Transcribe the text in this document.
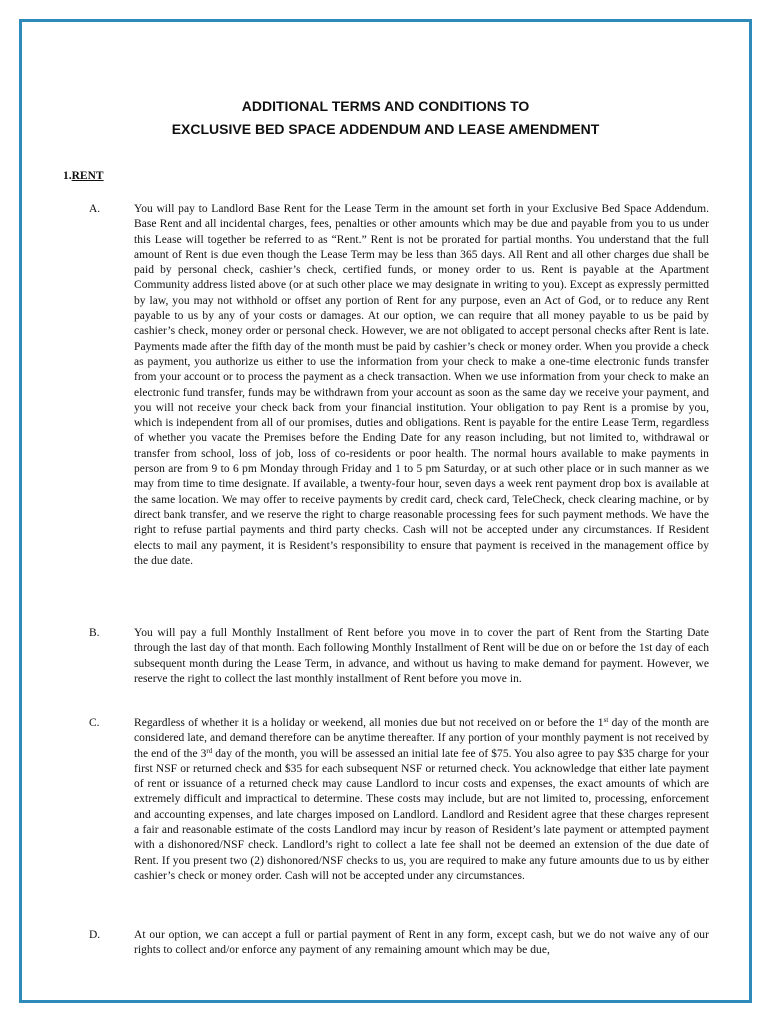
ADDITIONAL TERMS AND CONDITIONS TO
EXCLUSIVE BED SPACE ADDENDUM AND LEASE AMENDMENT
1.RENT
A.	You will pay to Landlord Base Rent for the Lease Term in the amount set forth in your Exclusive Bed Space Addendum. Base Rent and all incidental charges, fees, penalties or other amounts which may be due and payable from you to us under this Lease will together be referred to as “Rent.” Rent is not be prorated for partial months. You understand that the full amount of Rent is due even though the Lease Term may be less than 365 days. All Rent and all other charges due shall be paid by personal check, cashier’s check, certified funds, or money order to us. Rent is payable at the Apartment Community address listed above (or at such other place we may designate in writing to you). Except as expressly permitted by law, you may not withhold or offset any portion of Rent for any purpose, even an Act of God, or to reduce any Rent payable to us by any of your costs or damages. At our option, we can require that all money payable to us be paid by cashier’s check, money order or personal check. However, we are not obligated to accept personal checks after Rent is late. Payments made after the fifth day of the month must be paid by cashier’s check or money order. When you provide a check as payment, you authorize us either to use the information from your check to make a one-time electronic funds transfer from your account or to process the payment as a check transaction. When we use information from your check to make an electronic fund transfer, funds may be withdrawn from your account as soon as the same day we receive your payment, and you will not receive your check back from your financial institution. Your obligation to pay Rent is a promise by you, which is independent from all of our promises, duties and obligations. Rent is payable for the entire Lease Term, regardless of whether you vacate the Premises before the Ending Date for any reason including, but not limited to, withdrawal or transfer from school, loss of job, loss of co-residents or poor health. The normal hours available to make payments in person are from 9 to 6 pm Monday through Friday and 1 to 5 pm Saturday, or at such other place or in such manner as we may from time to time designate. If available, a twenty-four hour, seven days a week rent payment drop box is available at the same location. We may offer to receive payments by credit card, check card, TeleCheck, check clearing machine, or by direct bank transfer, and we reserve the right to charge reasonable processing fees for such payment methods. We have the right to refuse partial payments and third party checks. Cash will not be accepted under any circumstances. If Resident elects to mail any payment, it is Resident’s responsibility to ensure that payment is received in the management office by the due date.

B.	You will pay a full Monthly Installment of Rent before you move in to cover the part of Rent from the Starting Date through the last day of that month. Each following Monthly Installment of Rent will be due on or before the 1st day of each subsequent month during the Lease Term, in advance, and without us having to make demand for payment. However, we reserve the right to collect the last monthly installment of Rent before you move in.

C.	Regardless of whether it is a holiday or weekend, all monies due but not received on or before the 1st day of the month are considered late, and demand therefore can be anytime thereafter. If any portion of your monthly payment is not received by the end of the 3rd day of the month, you will be assessed an initial late fee of $75. You also agree to pay $35 charge for your first NSF or returned check and $35 for each subsequent NSF or returned check. You acknowledge that either late payment of rent or issuance of a returned check may cause Landlord to incur costs and expenses, the exact amounts of which are extremely difficult and impractical to determine. These costs may include, but are not limited to, processing, enforcement and accounting expenses, and late charges imposed on Landlord. Landlord and Resident agree that these charges represent a fair and reasonable estimate of the costs Landlord may incur by reason of Resident’s late payment or attempted payment with a dishonored/NSF check. Landlord’s right to collect a late fee shall not be deemed an extension of the due date of Rent. If you present two (2) dishonored/NSF checks to us, you are required to make any future amounts due to us by either cashier’s check or money order. Cash will not be accepted under any circumstances.

D.	At our option, we can accept a full or partial payment of Rent in any form, except cash, but we do not waive any of our rights to collect and/or enforce any payment of any remaining amount which may be due,
